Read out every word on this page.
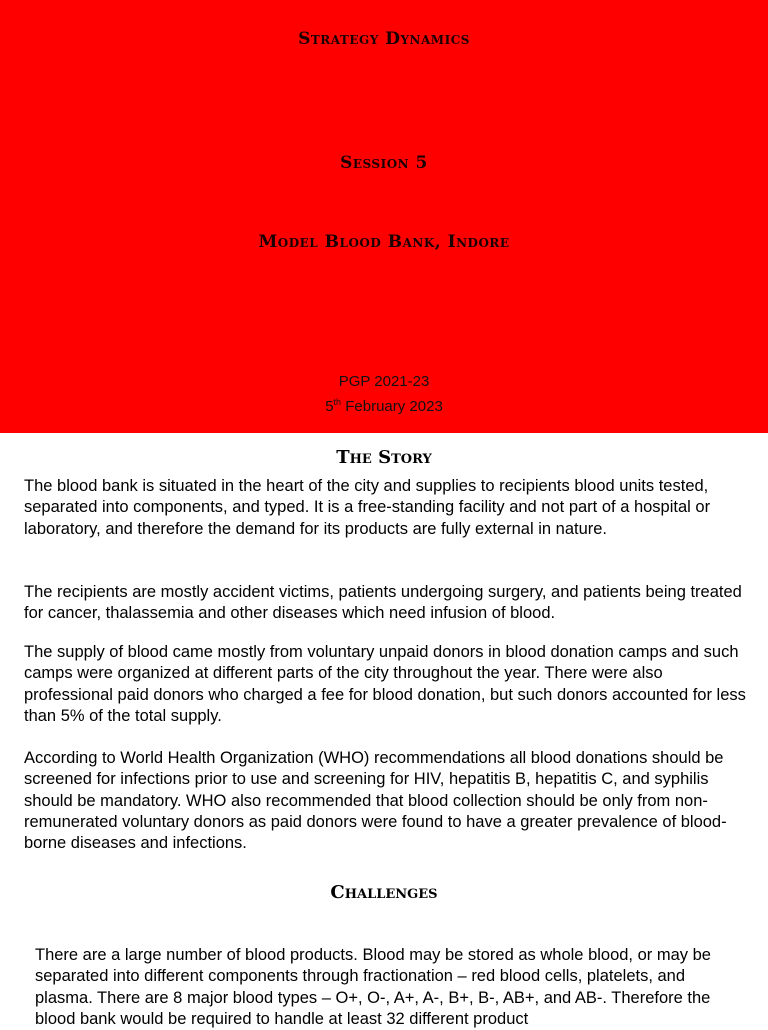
Strategy Dynamics
Session 5
Model Blood Bank, Indore
PGP 2021-23
5th February 2023
The Story

The blood bank is situated in the heart of the city and supplies to recipients blood units tested, separated into components, and typed. It is a free-standing facility and not part of a hospital or laboratory, and therefore the demand for its products are fully external in nature.

The recipients are mostly accident victims, patients undergoing surgery, and patients being treated for cancer, thalassemia and other diseases which need infusion of blood.

The supply of blood came mostly from voluntary unpaid donors in blood donation camps and such camps were organized at different parts of the city throughout the year. There were also professional paid donors who charged a fee for blood donation, but such donors accounted for less than 5% of the total supply.

According to World Health Organization (WHO) recommendations all blood donations should be screened for infections prior to use and screening for HIV, hepatitis B, hepatitis C, and syphilis should be mandatory. WHO also recommended that blood collection should be only from non-remunerated voluntary donors as paid donors were found to have a greater prevalence of blood-borne diseases and infections.

Challenges

There are a large number of blood products. Blood may be stored as whole blood, or may be separated into different components through fractionation – red blood cells, platelets, and plasma. There are 8 major blood types – O+, O-, A+, A-, B+, B-, AB+, and AB-. Therefore the blood bank would be required to handle at least 32 different product
